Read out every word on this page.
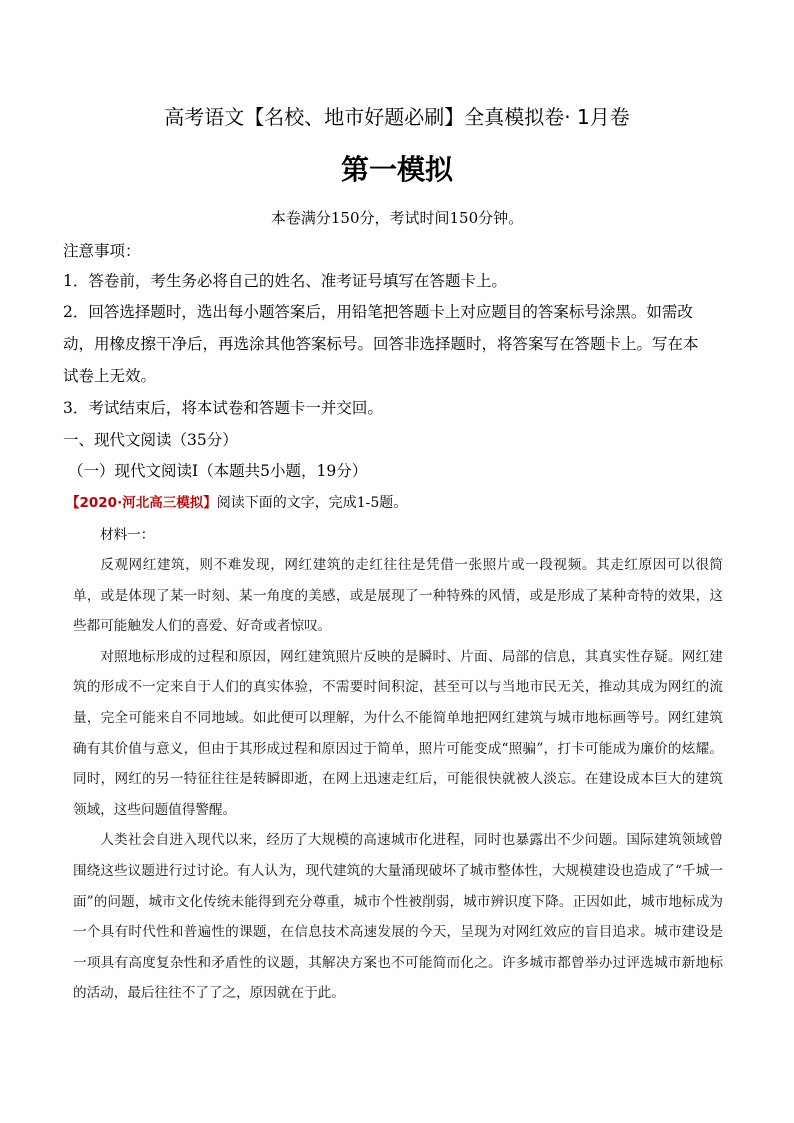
高考语文【名校、地市好题必刷】全真模拟卷· 1月卷
第一模拟
本卷满分150分，考试时间150分钟。
注意事项：
1．答卷前，考生务必将自己的姓名、准考证号填写在答题卡上。
2．回答选择题时，选出每小题答案后，用铅笔把答题卡上对应题目的答案标号涂黑。如需改
动，用橡皮擦干净后，再选涂其他答案标号。回答非选择题时，将答案写在答题卡上。写在本
试卷上无效。
3．考试结束后，将本试卷和答题卡一并交回。
一、现代文阅读（35分）
（一）现代文阅读Ⅰ（本题共5小题，19分）
【2020·河北高三模拟】阅读下面的文字，完成1-5题。
材料一：

反观网红建筑，则不难发现，网红建筑的走红往往是凭借一张照片或一段视频。其走红原因可以很简单，或是体现了某一时刻、某一角度的美感，或是展现了一种特殊的风情，或是形成了某种奇特的效果，这些都可能触发人们的喜爱、好奇或者惊叹。

对照地标形成的过程和原因，网红建筑照片反映的是瞬时、片面、局部的信息，其真实性存疑。网红建筑的形成不一定来自于人们的真实体验，不需要时间积淀，甚至可以与当地市民无关，推动其成为网红的流量，完全可能来自不同地域。如此便可以理解，为什么不能简单地把网红建筑与城市地标画等号。网红建筑确有其价值与意义，但由于其形成过程和原因过于简单，照片可能变成“照骗”，打卡可能成为廉价的炫耀。同时，网红的另一特征往往是转瞬即逝，在网上迅速走红后，可能很快就被人淡忘。在建设成本巨大的建筑领域，这些问题值得警醒。

人类社会自进入现代以来，经历了大规模的高速城市化进程，同时也暴露出不少问题。国际建筑领域曾围绕这些议题进行过讨论。有人认为，现代建筑的大量涌现破坏了城市整体性，大规模建设也造成了“千城一面”的问题，城市文化传统未能得到充分尊重，城市个性被削弱，城市辨识度下降。正因如此，城市地标成为一个具有时代性和普遍性的课题，在信息技术高速发展的今天，呈现为对网红效应的盲目追求。城市建设是一项具有高度复杂性和矛盾性的议题，其解决方案也不可能简而化之。许多城市都曾举办过评选城市新地标的活动，最后往往不了了之，原因就在于此。
